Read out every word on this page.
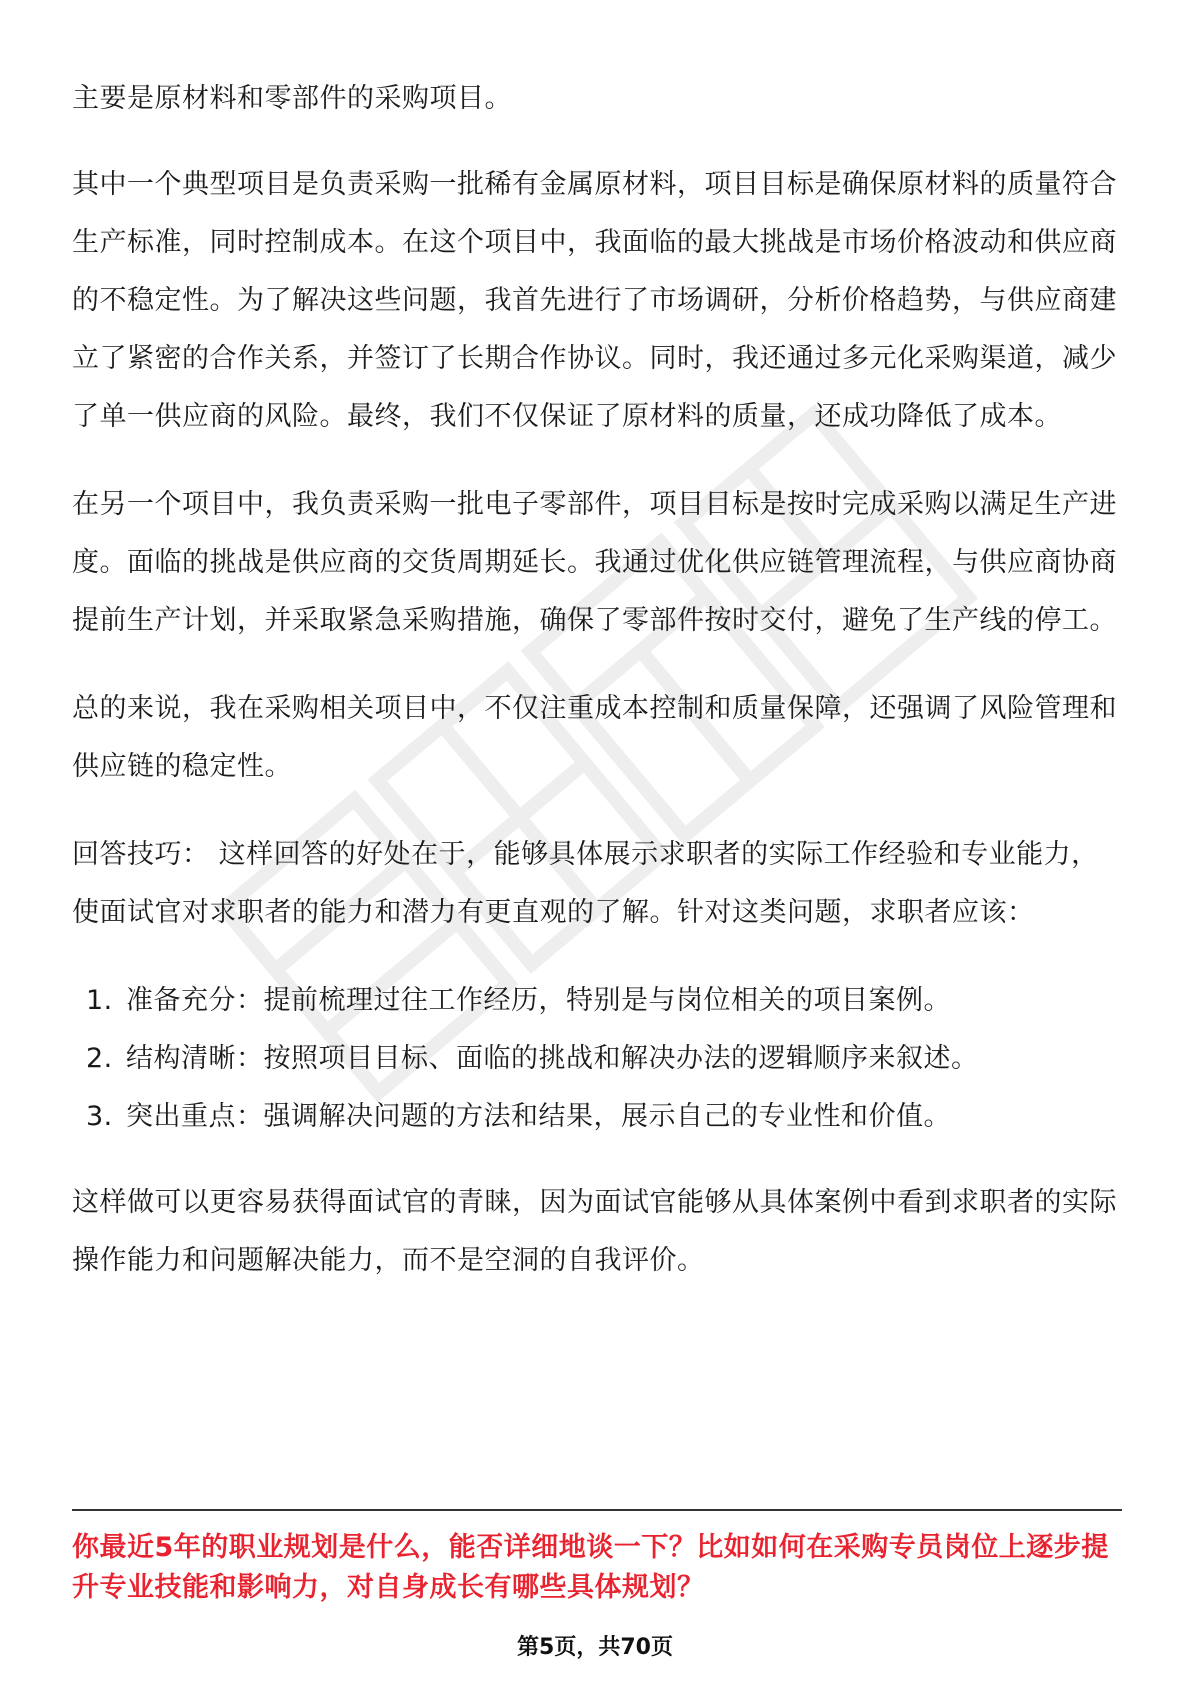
主要是原材料和零部件的采购项目。

其中一个典型项目是负责采购一批稀有金属原材料，项目目标是确保原材料的质量符合生产标准，同时控制成本。在这个项目中，我面临的最大挑战是市场价格波动和供应商的不稳定性。为了解决这些问题，我首先进行了市场调研，分析价格趋势，与供应商建立了紧密的合作关系，并签订了长期合作协议。同时，我还通过多元化采购渠道，减少了单一供应商的风险。最终，我们不仅保证了原材料的质量，还成功降低了成本。

在另一个项目中，我负责采购一批电子零部件，项目目标是按时完成采购以满足生产进度。面临的挑战是供应商的交货周期延长。我通过优化供应链管理流程，与供应商协商提前生产计划，并采取紧急采购措施，确保了零部件按时交付，避免了生产线的停工。

总的来说，我在采购相关项目中，不仅注重成本控制和质量保障，还强调了风险管理和供应链的稳定性。

回答技巧： 这样回答的好处在于，能够具体展示求职者的实际工作经验和专业能力，使面试官对求职者的能力和潜力有更直观的了解。针对这类问题，求职者应该：

1. 准备充分：提前梳理过往工作经历，特别是与岗位相关的项目案例。
2. 结构清晰：按照项目目标、面临的挑战和解决办法的逻辑顺序来叙述。
3. 突出重点：强调解决问题的方法和结果，展示自己的专业性和价值。

这样做可以更容易获得面试官的青睐，因为面试官能够从具体案例中看到求职者的实际操作能力和问题解决能力，而不是空洞的自我评价。

你最近5年的职业规划是什么，能否详细地谈一下？比如如何在采购专员岗位上逐步提升专业技能和影响力，对自身成长有哪些具体规划？

第5页，共70页
